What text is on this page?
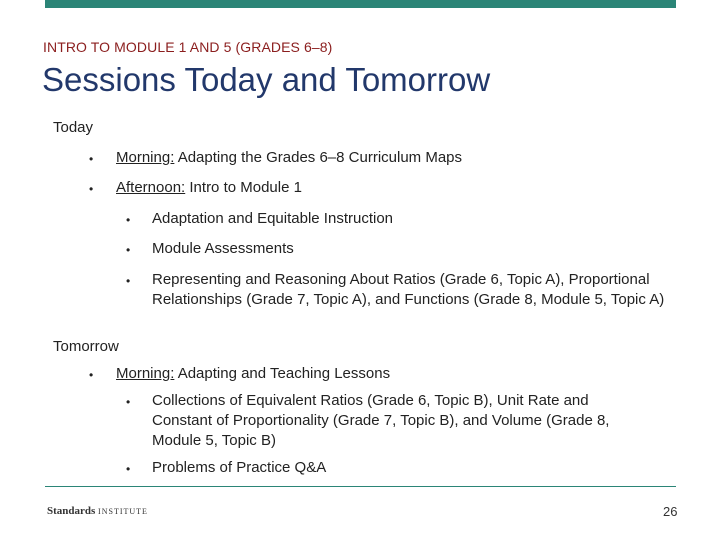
INTRO TO MODULE 1 AND 5 (GRADES 6–8)
Sessions Today and Tomorrow
Today
• Morning: Adapting the Grades 6–8 Curriculum Maps
• Afternoon: Intro to Module 1
• Adaptation and Equitable Instruction
• Module Assessments
• Representing and Reasoning About Ratios (Grade 6, Topic A), Proportional Relationships (Grade 7, Topic A), and Functions (Grade 8, Module 5, Topic A)
Tomorrow
• Morning: Adapting and Teaching Lessons
• Collections of Equivalent Ratios (Grade 6, Topic B), Unit Rate and Constant of Proportionality (Grade 7, Topic B), and Volume (Grade 8, Module 5, Topic B)
• Problems of Practice Q&A
Standards INSTITUTE	26
